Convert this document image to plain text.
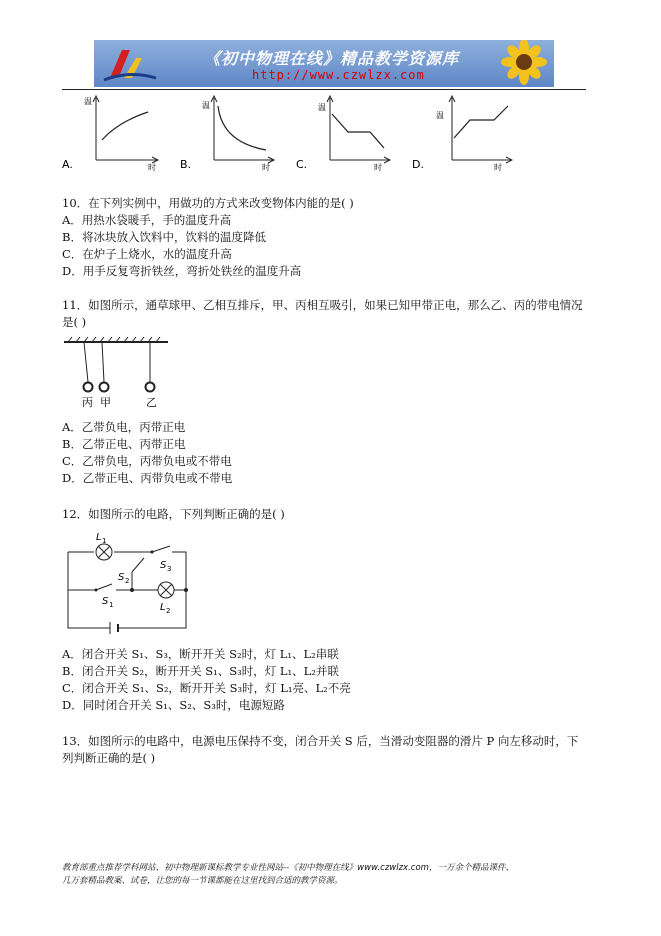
《初中物理在线》精品教学资源库
http://www.czwlzx.com
A.
温
时 B.
温
时 C.
温
时	D.
温
时
10．在下列实例中，用做功的方式来改变物体内能的是( )
A．用热水袋暖手，手的温度升高
B．将冰块放入饮料中，饮料的温度降低
C．在炉子上烧水，水的温度升高
D．用手反复弯折铁丝，弯折处铁丝的温度升高
11．如图所示，通草球甲、乙相互排斥，甲、丙相互吸引，如果已知甲带正电，那么乙、丙的带电情况
是( )
丙 甲	乙
A．乙带负电，丙带正电
B．乙带正电、丙带正电
C．乙带负电，丙带负电或不带电
D．乙带正电、丙带负电或不带电
12．如图所示的电路，下列判断正确的是( )
L 1
S 3
S 2
S 1	L 2
A．闭合开关 S₁、S₃，断开开关 S₂时，灯 L₁、L₂串联
B．闭合开关 S₂，断开开关 S₁、S₃时，灯 L₁、L₂并联
C．闭合开关 S₁、S₂，断开开关 S₃时，灯 L₁亮、L₂不亮
D．同时闭合开关 S₁、S₂、S₃时，电源短路
13．如图所示的电路中，电源电压保持不变，闭合开关 S 后，当滑动变阻器的滑片 P 向左移动时，下
列判断正确的是( )
教育部重点推荐学科网站、初中物理新课标教学专业性网站--《初中物理在线》www.czwlzx.com，一万余个精品课件、
几万套精品教案、试卷，让您的每一节课都能在这里找到合适的教学资源。
